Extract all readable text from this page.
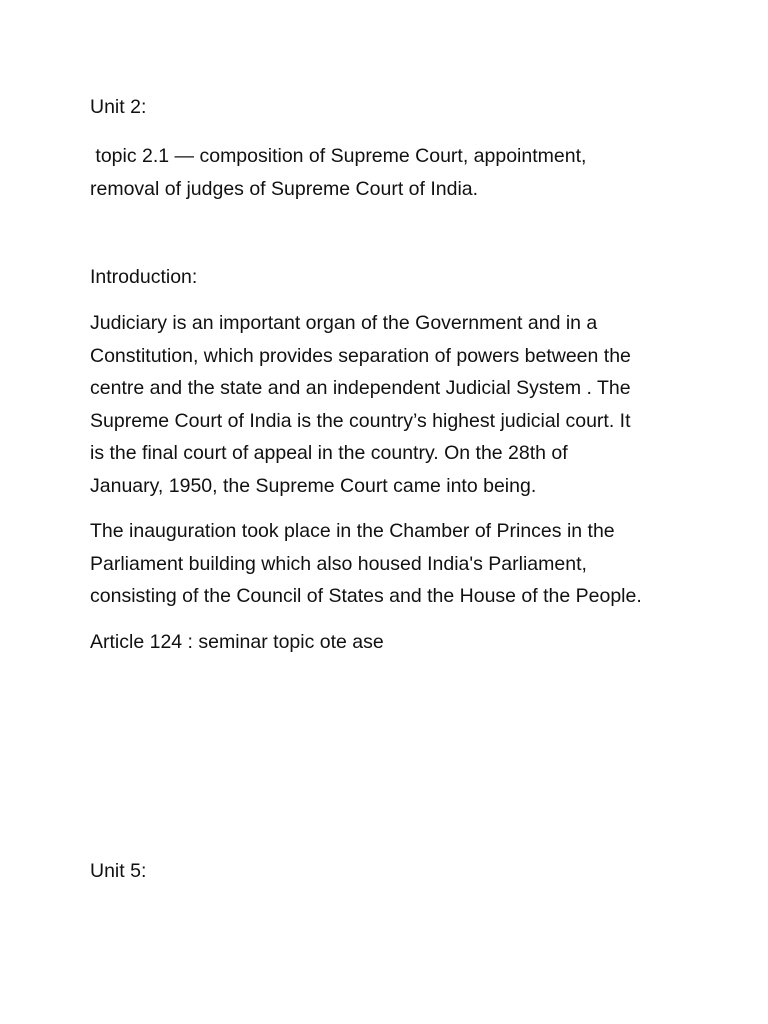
Unit 2:

topic 2.1 — composition of Supreme Court, appointment,
removal of judges of Supreme Court of India.

Introduction:

Judiciary is an important organ of the Government and in a
Constitution, which provides separation of powers between the
centre and the state and an independent Judicial System . The
Supreme Court of India is the country’s highest judicial court. It
is the final court of appeal in the country. On the 28th of
January, 1950, the Supreme Court came into being.

The inauguration took place in the Chamber of Princes in the
Parliament building which also housed India's Parliament,
consisting of the Council of States and the House of the People.

Article 124 : seminar topic ote ase

Unit 5:
